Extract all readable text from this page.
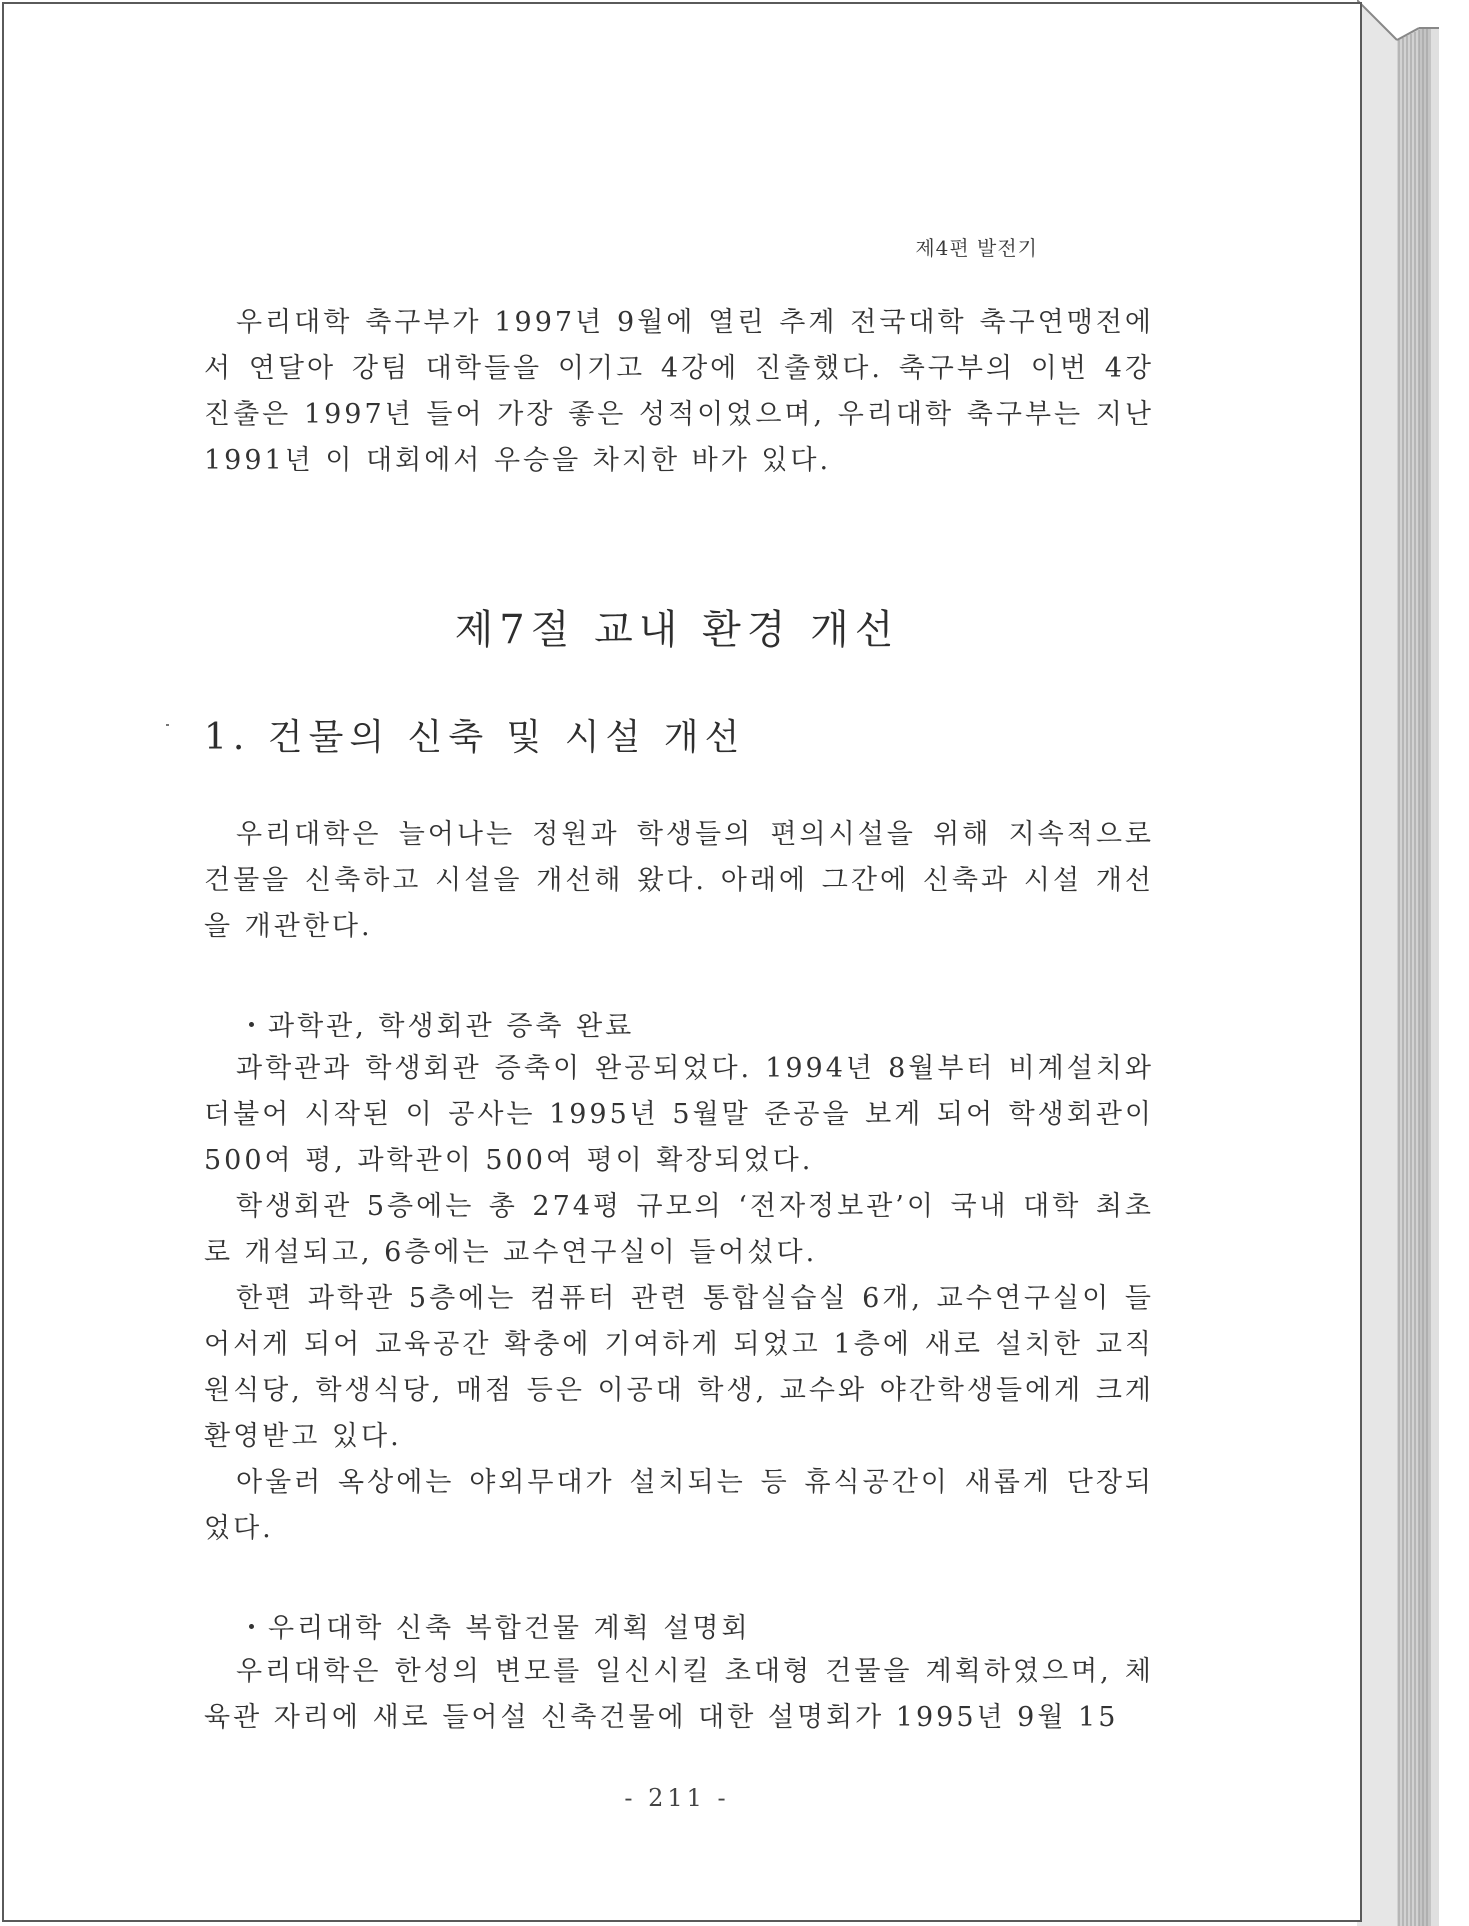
제4편 발전기
우리대학 축구부가 1997년 9월에 열린 추계 전국대학 축구연맹전에서 연달아 강팀 대학들을 이기고 4강에 진출했다. 축구부의 이번 4강 진출은 1997년 들어 가장 좋은 성적이었으며, 우리대학 축구부는 지난 1991년 이 대회에서 우승을 차지한 바가 있다.
제7절 교내 환경 개선
1. 건물의 신축 및 시설 개선
우리대학은 늘어나는 정원과 학생들의 편의시설을 위해 지속적으로 건물을 신축하고 시설을 개선해 왔다. 아래에 그간에 신축과 시설 개선을 개관한다.
・과학관, 학생회관 증축 완료
과학관과 학생회관 증축이 완공되었다. 1994년 8월부터 비계설치와 더불어 시작된 이 공사는 1995년 5월말 준공을 보게 되어 학생회관이 500여 평, 과학관이 500여 평이 확장되었다.
학생회관 5층에는 총 274평 규모의 ‘전자정보관’이 국내 대학 최초로 개설되고, 6층에는 교수연구실이 들어섰다.
한편 과학관 5층에는 컴퓨터 관련 통합실습실 6개, 교수연구실이 들어서게 되어 교육공간 확충에 기여하게 되었고 1층에 새로 설치한 교직원식당, 학생식당, 매점 등은 이공대 학생, 교수와 야간학생들에게 크게 환영받고 있다.
아울러 옥상에는 야외무대가 설치되는 등 휴식공간이 새롭게 단장되었다.
・우리대학 신축 복합건물 계획 설명회
우리대학은 한성의 변모를 일신시킬 초대형 건물을 계획하였으며, 체육관 자리에 새로 들어설 신축건물에 대한 설명회가 1995년 9월 15
- 211 -
